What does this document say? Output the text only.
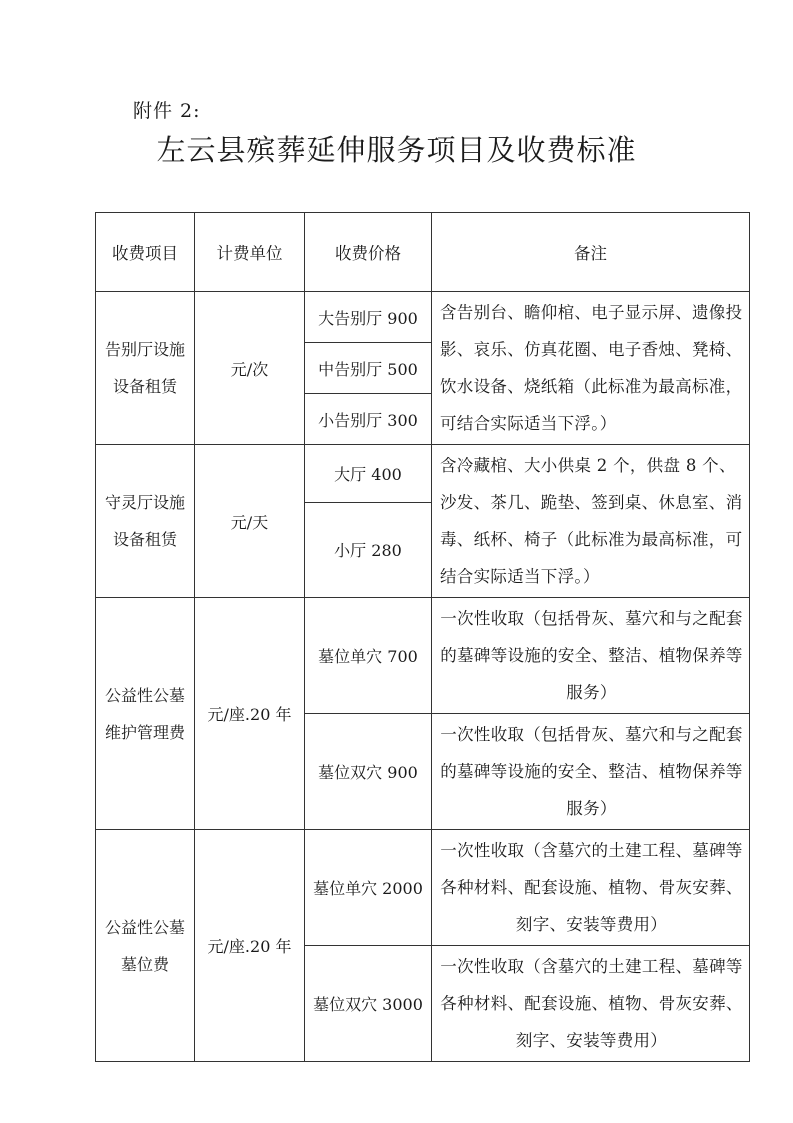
附件 2:
左云县殡葬延伸服务项目及收费标准
收费项目	计费单位	收费价格	备注
告别厅设施设备租赁	元/次	大告别厅 900	含告别台、瞻仰棺、电子显示屏、遗像投影、哀乐、仿真花圈、电子香烛、凳椅、饮水设备、烧纸箱（此标准为最高标准，可结合实际适当下浮。）
		中告别厅 500	
		小告别厅 300	
守灵厅设施设备租赁	元/天	大厅 400	含冷藏棺、大小供桌 2 个，供盘 8 个、沙发、茶几、跪垫、签到桌、休息室、消毒、纸杯、椅子（此标准为最高标准，可结合实际适当下浮。）
		小厅 280	
公益性公墓维护管理费	元/座.20 年	墓位单穴 700	一次性收取（包括骨灰、墓穴和与之配套的墓碑等设施的安全、整洁、植物保养等服务）
		墓位双穴 900	一次性收取（包括骨灰、墓穴和与之配套的墓碑等设施的安全、整洁、植物保养等服务）
公益性公墓墓位费	元/座.20 年	墓位单穴 2000	一次性收取（含墓穴的土建工程、墓碑等各种材料、配套设施、植物、骨灰安葬、刻字、安装等费用）
		墓位双穴 3000	一次性收取（含墓穴的土建工程、墓碑等各种材料、配套设施、植物、骨灰安葬、刻字、安装等费用）
